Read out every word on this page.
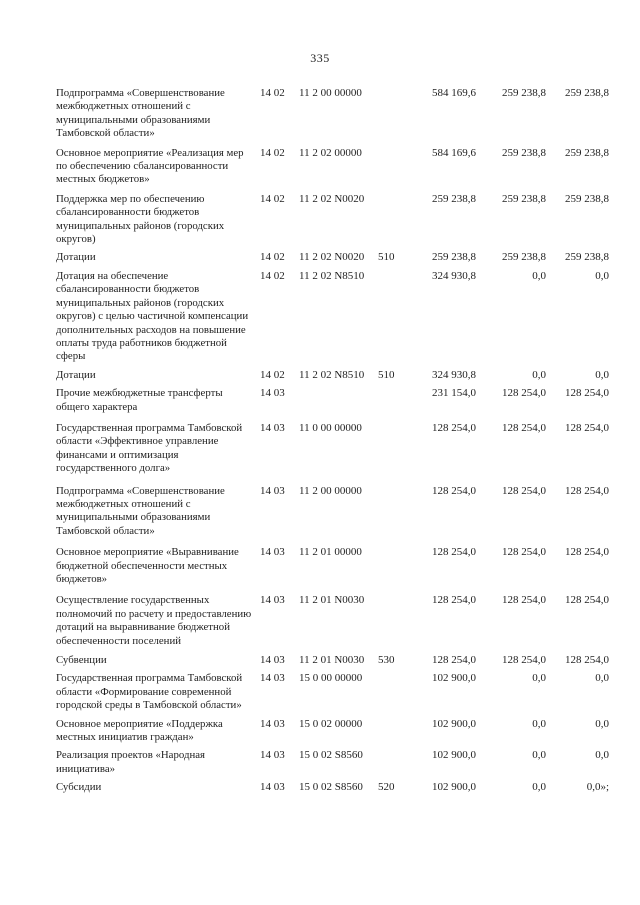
335
Подпрограмма «Совершенствование межбюджетных отношений с муниципальными образованиями Тамбовской области»
14 02 11 2 00 00000	584 169,6	259 238,8	259 238,8
Основное мероприятие «Реализация мер по обеспечению сбалансированности местных бюджетов»
14 02 11 2 02 00000	584 169,6	259 238,8	259 238,8
Поддержка мер по обеспечению сбалансированности бюджетов муниципальных районов (городских округов)
14 02 11 2 02 N0020	259 238,8	259 238,8	259 238,8
Дотации	14 02 11 2 02 N0020 510	259 238,8	259 238,8	259 238,8
Дотация на обеспечение сбалансированности бюджетов муниципальных районов (городских округов) с целью частичной компенсации дополнительных расходов на повышение оплаты труда работников бюджетной сферы
14 02 11 2 02 N8510	324 930,8	0,0	0,0
Дотации	14 02 11 2 02 N8510 510	324 930,8	0,0	0,0
Прочие межбюджетные трансферты общего характера
14 03	231 154,0	128 254,0	128 254,0
Государственная программа Тамбовской области «Эффективное управление финансами и оптимизация государственного долга»
14 03 11 0 00 00000	128 254,0	128 254,0	128 254,0
Подпрограмма «Совершенствование межбюджетных отношений с муниципальными образованиями Тамбовской области»
14 03 11 2 00 00000	128 254,0	128 254,0	128 254,0
Основное мероприятие «Выравнивание бюджетной обеспеченности местных бюджетов»
14 03 11 2 01 00000	128 254,0	128 254,0	128 254,0
Осуществление государственных полномочий по расчету и предоставлению дотаций на выравнивание бюджетной обеспеченности поселений
14 03 11 2 01 N0030	128 254,0	128 254,0	128 254,0
Субвенции	14 03 11 2 01 N0030 530	128 254,0	128 254,0	128 254,0
Государственная программа Тамбовской области «Формирование современной городской среды в Тамбовской области»
14 03 15 0 00 00000	102 900,0	0,0	0,0
Основное мероприятие «Поддержка местных инициатив граждан»
14 03 15 0 02 00000	102 900,0	0,0	0,0
Реализация проектов «Народная инициатива»
14 03 15 0 02 S8560	102 900,0	0,0	0,0
Субсидии	14 03 15 0 02 S8560 520	102 900,0	0,0	0,0»;
